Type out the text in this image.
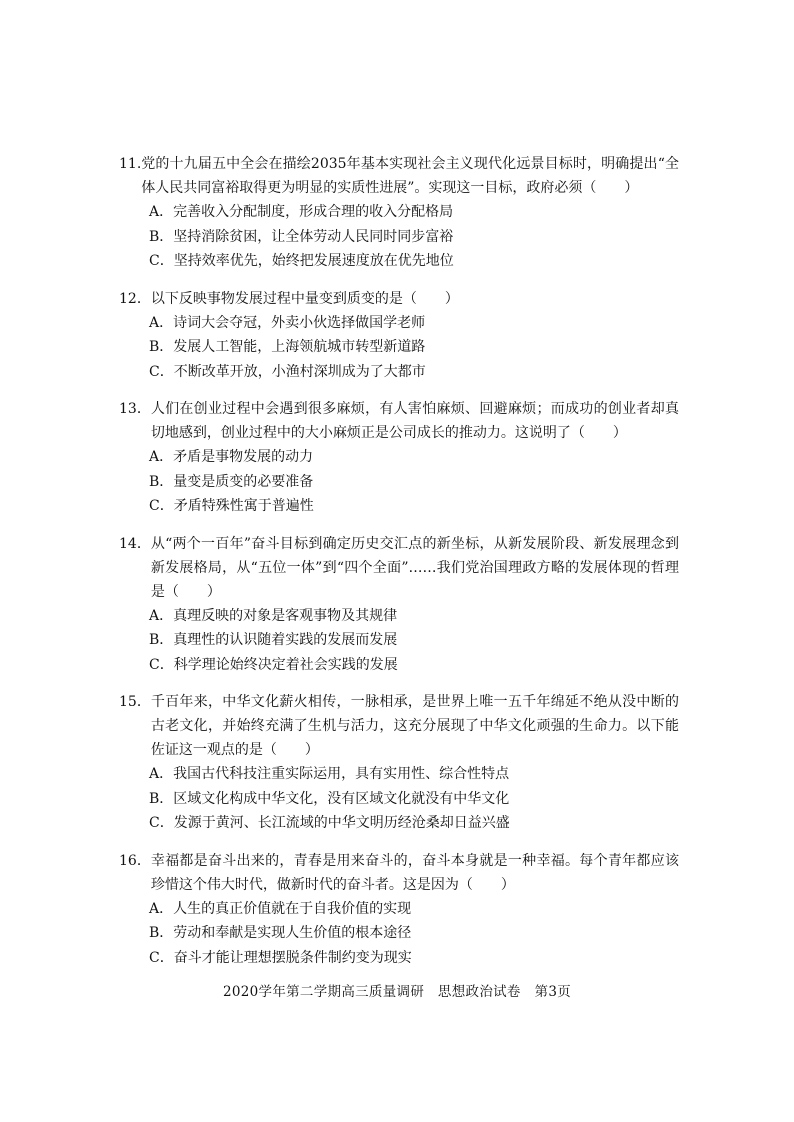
11. 党的十九届五中全会在描绘2035年基本实现社会主义现代化远景目标时，明确提出“全体人民共同富裕取得更为明显的实质性进展”。实现这一目标，政府必须（　　）
A． 完善收入分配制度，形成合理的收入分配格局
B． 坚持消除贫困，让全体劳动人民同时同步富裕
C． 坚持效率优先，始终把发展速度放在优先地位
12． 以下反映事物发展过程中量变到质变的是（　　）
A． 诗词大会夺冠，外卖小伙选择做国学老师
B． 发展人工智能，上海领航城市转型新道路
C． 不断改革开放，小渔村深圳成为了大都市
13． 人们在创业过程中会遇到很多麻烦，有人害怕麻烦、回避麻烦；而成功的创业者却真切地感到，创业过程中的大小麻烦正是公司成长的推动力。这说明了（　　）
A． 矛盾是事物发展的动力
B． 量变是质变的必要准备
C． 矛盾特殊性寓于普遍性
14． 从“两个一百年”奋斗目标到确定历史交汇点的新坐标，从新发展阶段、新发展理念到新发展格局，从“五位一体”到“四个全面”……我们党治国理政方略的发展体现的哲理是（　　）
A． 真理反映的对象是客观事物及其规律
B． 真理性的认识随着实践的发展而发展
C． 科学理论始终决定着社会实践的发展
15． 千百年来，中华文化薪火相传，一脉相承，是世界上唯一五千年绵延不绝从没中断的古老文化，并始终充满了生机与活力，这充分展现了中华文化顽强的生命力。以下能佐证这一观点的是（　　）
A． 我国古代科技注重实际运用，具有实用性、综合性特点
B． 区域文化构成中华文化，没有区域文化就没有中华文化
C． 发源于黄河、长江流域的中华文明历经沧桑却日益兴盛
16． 幸福都是奋斗出来的，青春是用来奋斗的，奋斗本身就是一种幸福。每个青年都应该珍惜这个伟大时代，做新时代的奋斗者。这是因为（　　）
A． 人生的真正价值就在于自我价值的实现
B． 劳动和奉献是实现人生价值的根本途径
C． 奋斗才能让理想摆脱条件制约变为现实
2020学年第二学期高三质量调研　思想政治试卷　第3页
